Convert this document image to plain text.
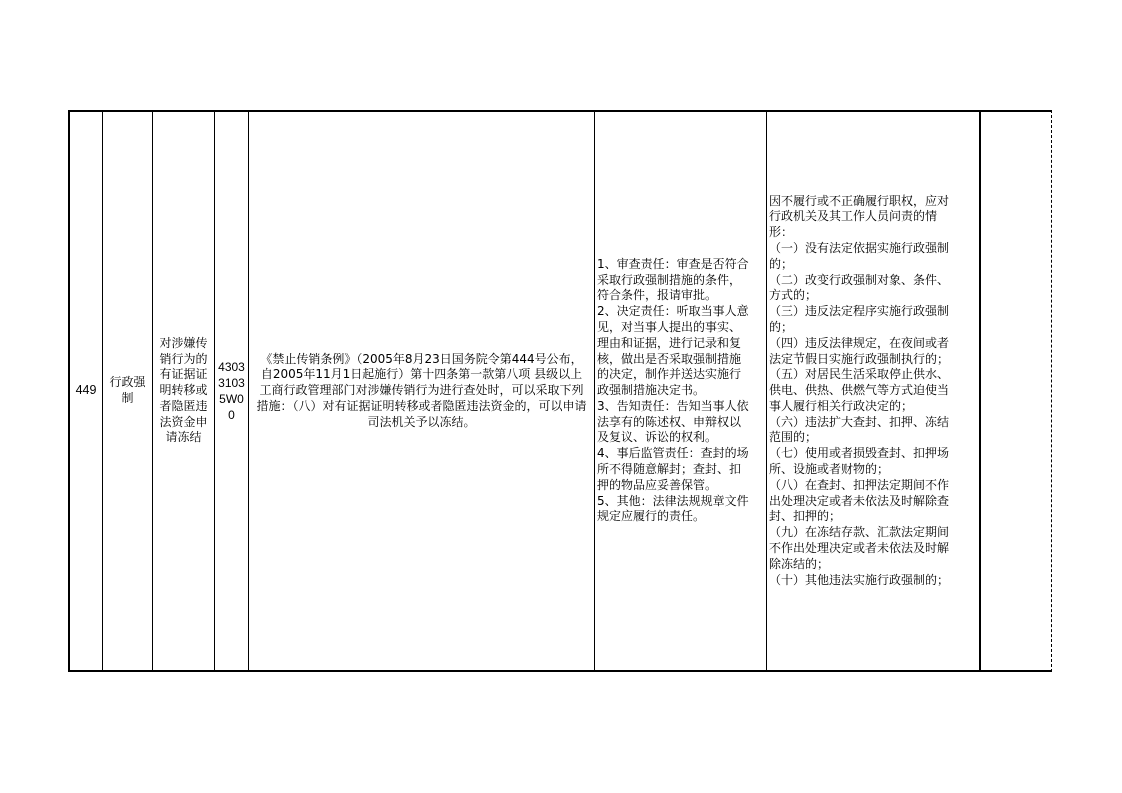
449
行政强
制
对涉嫌传
销行为的
有证据证
明转移或
者隐匿违
法资金申
请冻结
43033103 5W00
《禁止传销条例》（2005年8月23日国务院令第444号公布，自2005年11月1日起施行）第十四条第一款第八项 县级以上工商行政管理部门对涉嫌传销行为进行查处时，可以采取下列措施：（八）对有证据证明转移或者隐匿违法资金的，可以申请司法机关予以冻结。
1、审查责任：审查是否符合
采取行政强制措施的条件，
符合条件，报请审批。
2、决定责任：听取当事人意
见，对当事人提出的事实、
理由和证据，进行记录和复
核，做出是否采取强制措施
的决定，制作并送达实施行
政强制措施决定书。
3、告知责任：告知当事人依
法享有的陈述权、申辩权以
及复议、诉讼的权利。
4、事后监管责任：查封的场
所不得随意解封；查封、扣
押的物品应妥善保管。
5、其他：法律法规规章文件
规定应履行的责任。
因不履行或不正确履行职权，应对
行政机关及其工作人员问责的情
形：
（一）没有法定依据实施行政强制
的；
（二）改变行政强制对象、条件、
方式的；
（三）违反法定程序实施行政强制
的；
（四）违反法律规定，在夜间或者
法定节假日实施行政强制执行的；
（五）对居民生活采取停止供水、
供电、供热、供燃气等方式迫使当
事人履行相关行政决定的；
（六）违法扩大查封、扣押、冻结
范围的；
（七）使用或者损毁查封、扣押场
所、设施或者财物的；
（八）在查封、扣押法定期间不作
出处理决定或者未依法及时解除查
封、扣押的；
（九）在冻结存款、汇款法定期间
不作出处理决定或者未依法及时解
除冻结的；
（十）其他违法实施行政强制的；
